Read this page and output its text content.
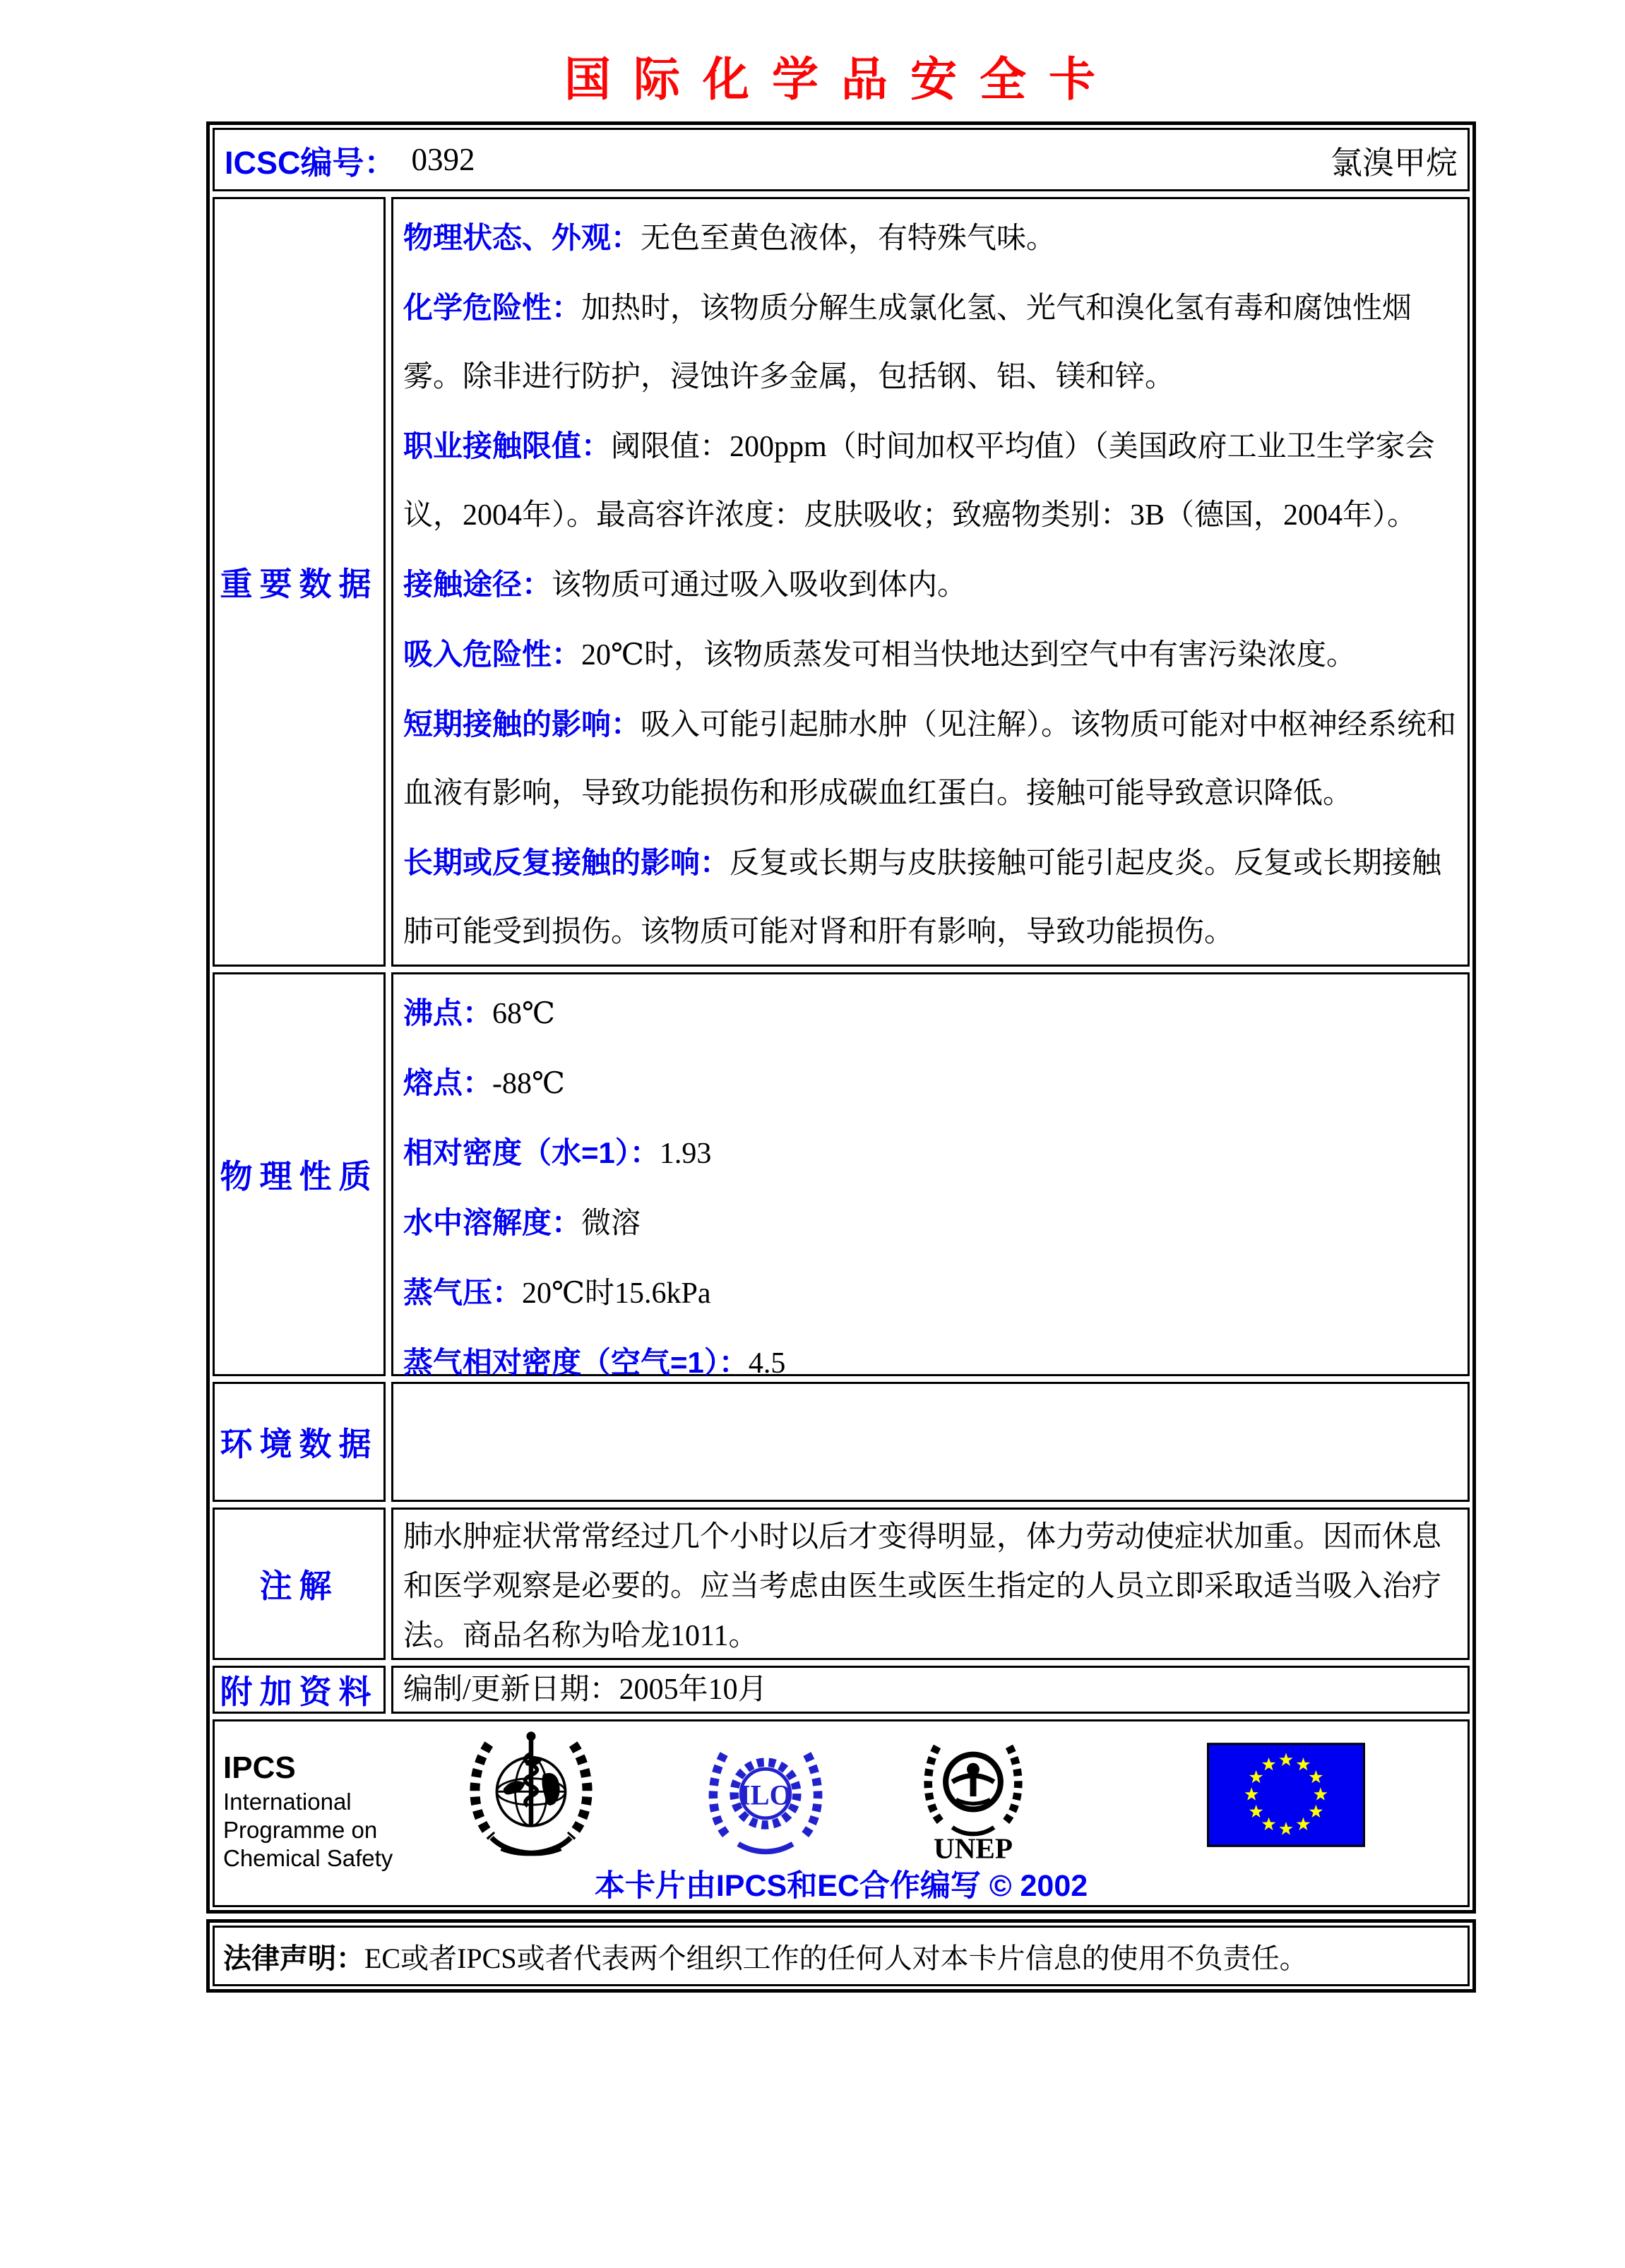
国际化学品安全卡
ICSC编号： 0392	氯溴甲烷
重要数据
物理状态、外观：无色至黄色液体，有特殊气味。
化学危险性：加热时，该物质分解生成氯化氢、光气和溴化氢有毒和腐蚀性烟雾。除非进行防护，浸蚀许多金属，包括钢、铝、镁和锌。
职业接触限值：阈限值：200ppm（时间加权平均值）（美国政府工业卫生学家会议，2004年）。最高容许浓度：皮肤吸收；致癌物类别：3B（德国，2004年）。
接触途径：该物质可通过吸入吸收到体内。
吸入危险性：20℃时，该物质蒸发可相当快地达到空气中有害污染浓度。
短期接触的影响：吸入可能引起肺水肿（见注解）。该物质可能对中枢神经系统和血液有影响，导致功能损伤和形成碳血红蛋白。接触可能导致意识降低。
长期或反复接触的影响：反复或长期与皮肤接触可能引起皮炎。反复或长期接触肺可能受到损伤。该物质可能对肾和肝有影响，导致功能损伤。
物理性质
沸点：68℃
熔点：-88℃
相对密度（水=1）：1.93
水中溶解度：微溶
蒸气压：20℃时15.6kPa
蒸气相对密度（空气=1）：4.5
环境数据
注解
肺水肿症状常常经过几个小时以后才变得明显，体力劳动使症状加重。因而休息和医学观察是必要的。应当考虑由医生或医生指定的人员立即采取适当吸入治疗法。商品名称为哈龙1011。
附加资料 编制/更新日期：2005年10月
IPCS
International
Programme on
Chemical Safety
ILO
UNEP
本卡片由IPCS和EC合作编写 © 2002
法律声明： EC或者IPCS或者代表两个组织工作的任何人对本卡片信息的使用不负责任。
